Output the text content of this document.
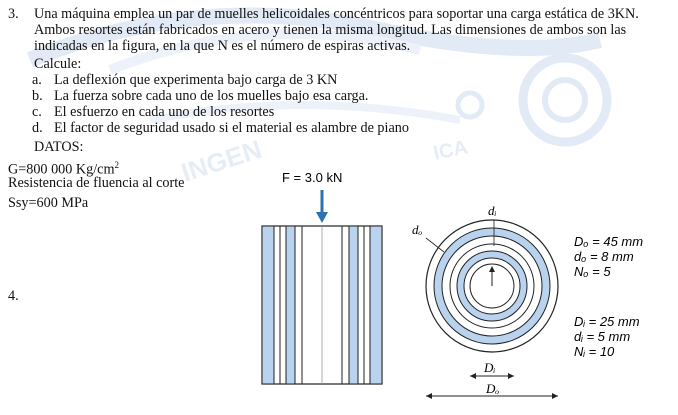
INGEN	ICA
3. Una máquina emplea un par de muelles helicoidales concéntricos para soportar una carga estática de 3KN. Ambos resortes están fabricados en acero y tienen la misma longitud. Las dimensiones de ambos son las indicadas en la figura, en la que N es el número de espiras activas.
Calcule:
a. La deflexión que experimenta bajo carga de 3 KN
b. La fuerza sobre cada uno de los muelles bajo esa carga.
c. El esfuerzo en cada uno de los resortes
d. El factor de seguridad usado si el material es alambre de piano
DATOS:
G=800 000 $Kg/cm^2$
Resistencia de fluencia al corte
Ssy=600 MPa
4.
F = 3.0 kN
dᵢ
dₒ
Dᵢ
Dₒ
Dₒ = 45 mm
dₒ = 8 mm
Nₒ = 5
Dᵢ = 25 mm
dᵢ = 5 mm
Nᵢ = 10
